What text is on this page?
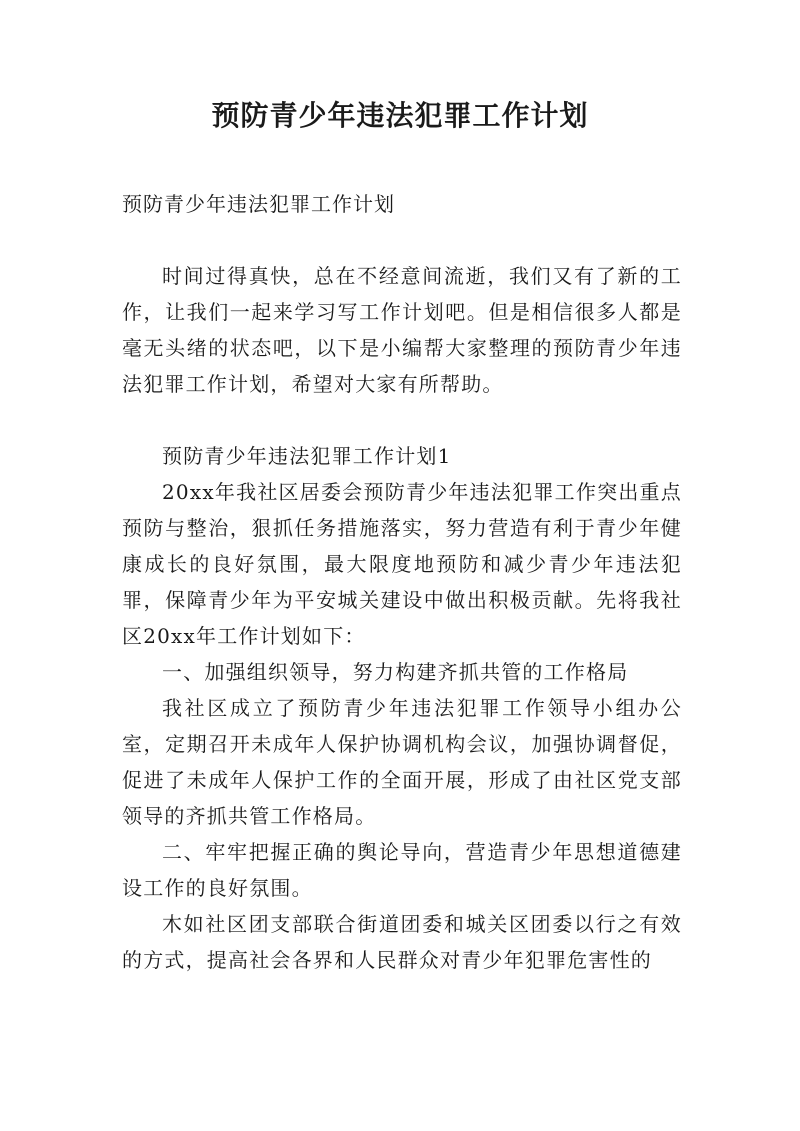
预防青少年违法犯罪工作计划

预防青少年违法犯罪工作计划

时间过得真快，总在不经意间流逝，我们又有了新的工作，让我们一起来学习写工作计划吧。但是相信很多人都是毫无头绪的状态吧，以下是小编帮大家整理的预防青少年违法犯罪工作计划，希望对大家有所帮助。

预防青少年违法犯罪工作计划1

20xx年我社区居委会预防青少年违法犯罪工作突出重点预防与整治，狠抓任务措施落实，努力营造有利于青少年健康成长的良好氛围，最大限度地预防和减少青少年违法犯罪，保障青少年为平安城关建设中做出积极贡献。先将我社区20xx年工作计划如下：

一、加强组织领导，努力构建齐抓共管的工作格局

我社区成立了预防青少年违法犯罪工作领导小组办公室，定期召开未成年人保护协调机构会议，加强协调督促，促进了未成年人保护工作的全面开展，形成了由社区党支部领导的齐抓共管工作格局。

二、牢牢把握正确的舆论导向，营造青少年思想道德建设工作的良好氛围。

木如社区团支部联合街道团委和城关区团委以行之有效的方式，提高社会各界和人民群众对青少年犯罪危害性的
